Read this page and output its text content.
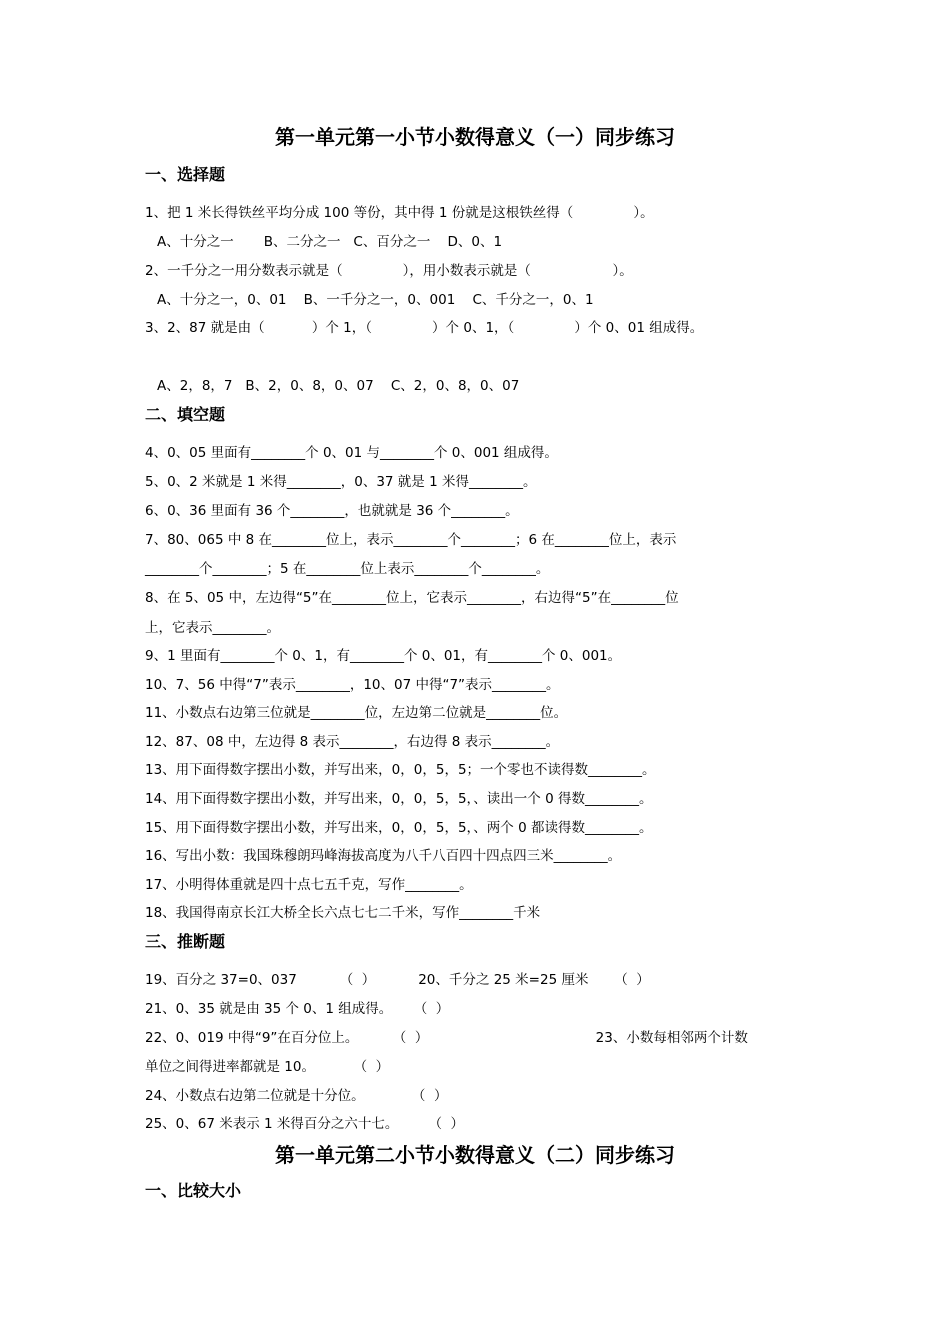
第一单元第一小节小数得意义（一）同步练习
一、选择题
1、把 1 米长得铁丝平均分成 100 等份，其中得 1 份就是这根铁丝得（              ）。
A、十分之一       B、二分之一   C、百分之一    D、0、1
2、一千分之一用分数表示就是（              ），用小数表示就是（                   ）。
A、十分之一，0、01    B、一千分之一，0、001    C、千分之一，0、1
3、2、87 就是由（           ）个 1，（              ）个 0、1，（              ）个 0、01 组成得。
A、2，8，7   B、2，0、8，0、07    C、2，0、8，0、07
二、填空题
4、0、05 里面有________个 0、01 与________个 0、001 组成得。
5、0、2 米就是 1 米得________，0、37 就是 1 米得________。
6、0、36 里面有 36 个________，也就就是 36 个________。
7、80、065 中 8 在________位上，表示________个________；6 在________位上，表示
________个________；5 在________位上表示________个________。
8、在 5、05 中，左边得“5”在________位上，它表示________，右边得“5”在________位
上，它表示________。
9、1 里面有________个 0、1，有________个 0、01，有________个 0、001。
10、7、56 中得“7”表示________，10、07 中得“7”表示________。
11、小数点右边第三位就是________位，左边第二位就是________位。
12、87、08 中，左边得 8 表示________，右边得 8 表示________。
13、用下面得数字摆出小数，并写出来，0，0，5，5；一个零也不读得数________。
14、用下面得数字摆出小数，并写出来，0，0，5，5，、读出一个 0 得数________。
15、用下面得数字摆出小数，并写出来，0，0，5，5，、两个 0 都读得数________。
16、写出小数：我国珠穆朗玛峰海拔高度为八千八百四十四点四三米________。
17、小明得体重就是四十点七五千克，写作________。
18、我国得南京长江大桥全长六点七七二千米，写作________千米
三、推断题
19、百分之 37=0、037          （  ）          20、千分之 25 米=25 厘米      （  ）
21、0、35 就是由 35 个 0、1 组成得。     （  ）
22、0、019 中得“9”在百分位上。        （  ）                                       23、小数每相邻两个计数
单位之间得进率都就是 10。         （  ）
24、小数点右边第二位就是十分位。           （  ）
25、0、67 米表示 1 米得百分之六十七。       （  ）
第一单元第二小节小数得意义（二）同步练习
一、比较大小
